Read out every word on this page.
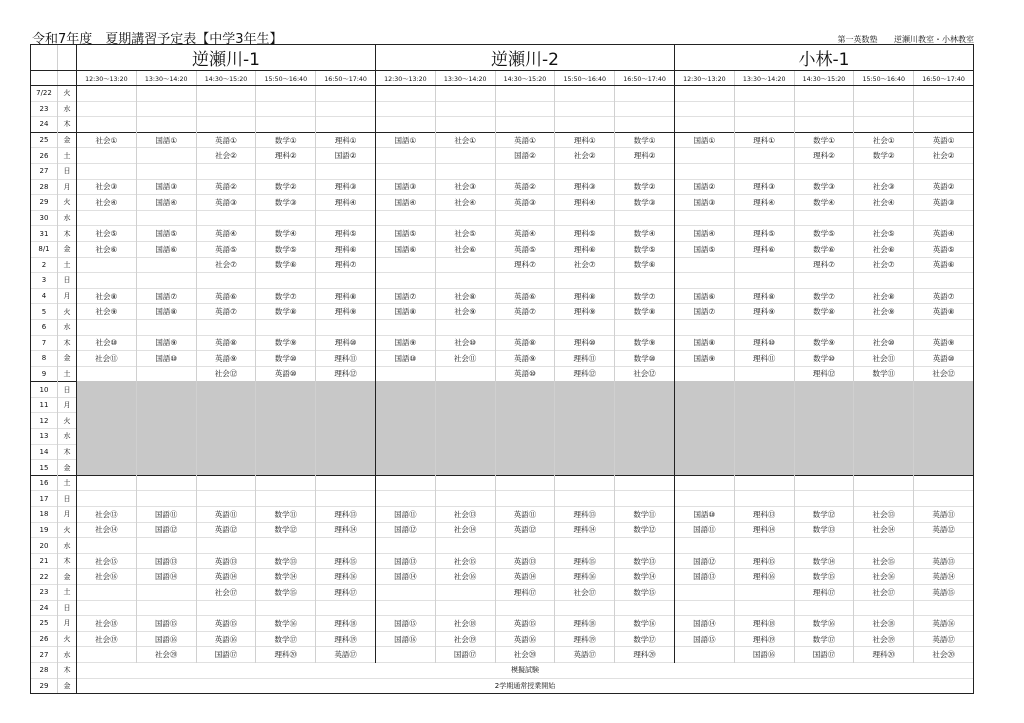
令和7年度　夏期講習予定表【中学3年生】	第一英数塾 逆瀬川教室・小林教室
		逆瀬川-1					逆瀬川-2					小林-1				
		12:30～13:20	13:30～14:20	14:30～15:20	15:50～16:40	16:50～17:40	12:30～13:20	13:30～14:20	14:30～15:20	15:50～16:40	16:50～17:40	12:30～13:20	13:30～14:20	14:30～15:20	15:50～16:40	16:50～17:40
7/22	火															
23	水															
24	木															
25	金	社会①	国語①	英語①	数学①	理科①	国語①	社会①	英語①	理科①	数学①	国語①	理科①	数学①	社会①	英語①
26	土			社会②	理科②	国語②			国語②	社会②	理科②			理科②	数学②	社会②
27	日															
28	月	社会③	国語③	英語②	数学②	理科③	国語③	社会③	英語②	理科③	数学②	国語②	理科③	数学③	社会③	英語②
29	火	社会④	国語④	英語③	数学③	理科④	国語④	社会④	英語③	理科④	数学③	国語③	理科④	数学④	社会④	英語③
30	水															
31	木	社会⑤	国語⑤	英語④	数学④	理科⑤	国語⑤	社会⑤	英語④	理科⑤	数学④	国語④	理科⑤	数学⑤	社会⑤	英語④
8/1	金	社会⑥	国語⑥	英語⑤	数学⑤	理科⑥	国語⑥	社会⑥	英語⑤	理科⑥	数学⑤	国語⑤	理科⑥	数学⑥	社会⑥	英語⑤
2	土			社会⑦	数学⑥	理科⑦			理科⑦	社会⑦	数学⑥			理科⑦	社会⑦	英語⑥
3	日															
4	月	社会⑧	国語⑦	英語⑥	数学⑦	理科⑧	国語⑦	社会⑧	英語⑥	理科⑧	数学⑦	国語⑥	理科⑧	数学⑦	社会⑧	英語⑦
5	火	社会⑨	国語⑧	英語⑦	数学⑧	理科⑨	国語⑧	社会⑨	英語⑦	理科⑨	数学⑧	国語⑦	理科⑨	数学⑧	社会⑨	英語⑧
6	水															
7	木	社会⑩	国語⑨	英語⑧	数学⑨	理科⑩	国語⑨	社会⑩	英語⑧	理科⑩	数学⑨	国語⑧	理科⑩	数学⑨	社会⑩	英語⑨
8	金	社会⑪	国語⑩	英語⑨	数学⑩	理科⑪	国語⑩	社会⑪	英語⑨	理科⑪	数学⑩	国語⑨	理科⑪	数学⑩	社会⑪	英語⑩
9	土			社会⑫	英語⑩	理科⑫			英語⑩	理科⑫	社会⑫			理科⑫	数学⑪	社会⑫
10	日															
11	月															
12	火															
13	水															
14	木															
15	金															
16	土															
17	日															
18	月	社会⑬	国語⑪	英語⑪	数学⑪	理科⑬	国語⑪	社会⑬	英語⑪	理科⑬	数学⑪	国語⑩	理科⑬	数学⑫	社会⑬	英語⑪
19	火	社会⑭	国語⑫	英語⑫	数学⑫	理科⑭	国語⑫	社会⑭	英語⑫	理科⑭	数学⑫	国語⑪	理科⑭	数学⑬	社会⑭	英語⑫
20	水															
21	木	社会⑮	国語⑬	英語⑬	数学⑬	理科⑮	国語⑬	社会⑮	英語⑬	理科⑮	数学⑬	国語⑫	理科⑮	数学⑭	社会⑮	英語⑬
22	金	社会⑯	国語⑭	英語⑭	数学⑭	理科⑯	国語⑭	社会⑯	英語⑭	理科⑯	数学⑭	国語⑬	理科⑯	数学⑮	社会⑯	英語⑭
23	土			社会⑰	数学⑮	理科⑰			理科⑰	社会⑰	数学⑮			理科⑰	社会⑰	英語⑮
24	日															
25	月	社会⑱	国語⑮	英語⑮	数学⑯	理科⑱	国語⑮	社会⑱	英語⑮	理科⑱	数学⑯	国語⑭	理科⑱	数学⑯	社会⑱	英語⑯
26	火	社会⑲	国語⑯	英語⑯	数学⑰	理科⑲	国語⑯	社会⑲	英語⑯	理科⑲	数学⑰	国語⑮	理科⑲	数学⑰	社会⑲	英語⑰
27	水		社会⑳	国語⑰	理科⑳	英語⑰		国語⑰	社会⑳	英語⑰	理科⑳		国語⑯	国語⑰	理科⑳	社会⑳
28	木	模擬試験														
29	金	2学期通常授業開始														
